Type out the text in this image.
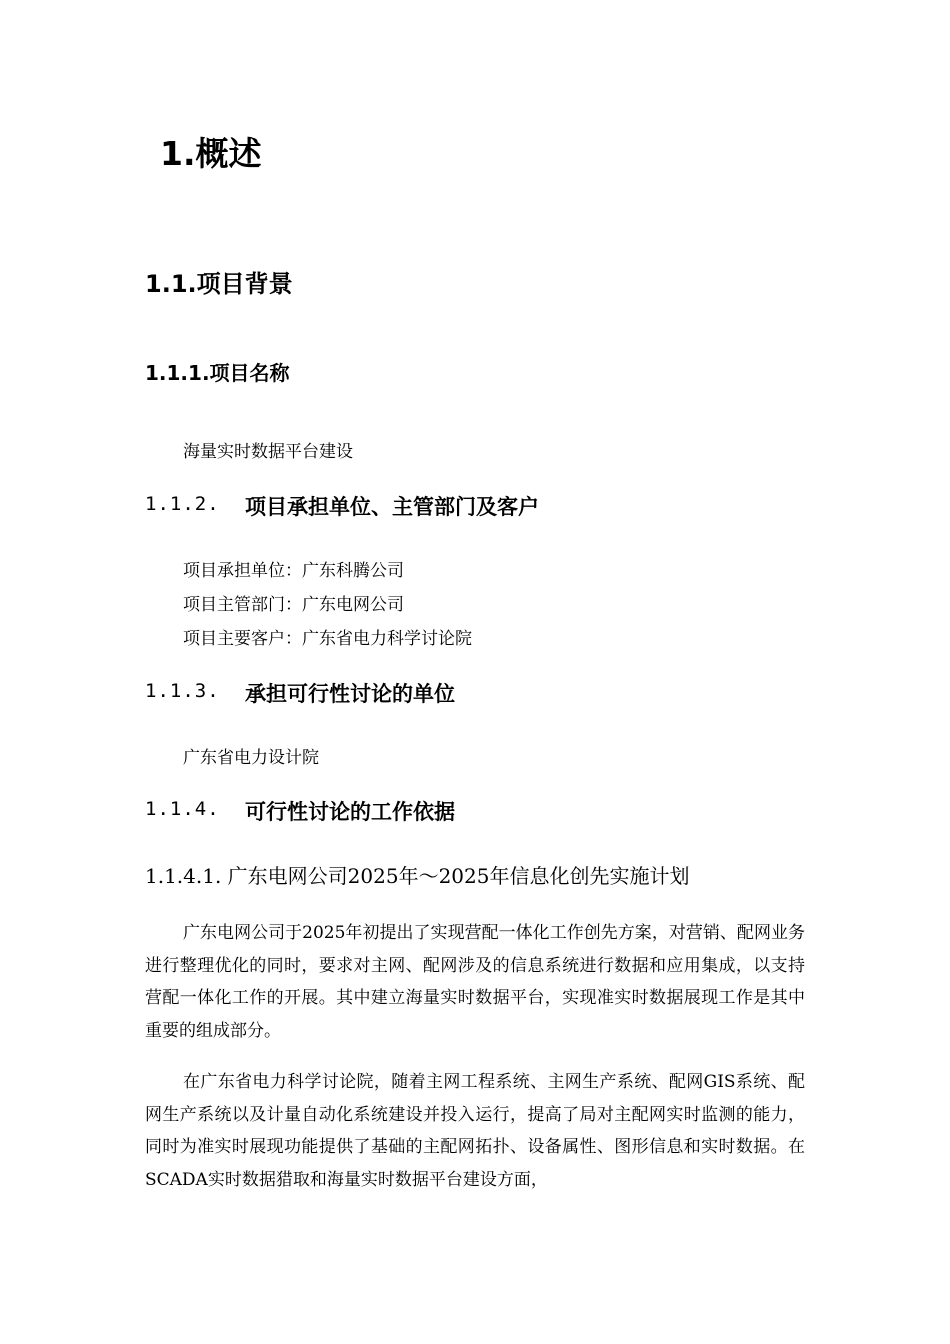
1.概述
1.1.项目背景
1.1.1.项目名称
海量实时数据平台建设
1.1.2. 项目承担单位、主管部门及客户
项目承担单位：广东科腾公司
项目主管部门：广东电网公司
项目主要客户：广东省电力科学讨论院
1.1.3. 承担可行性讨论的单位
广东省电力设计院
1.1.4. 可行性讨论的工作依据
1.1.4.1. 广东电网公司2025年～2025年信息化创先实施计划
广东电网公司于2025年初提出了实现营配一体化工作创先方案，对营销、配网业务进行整理优化的同时，要求对主网、配网涉及的信息系统进行数据和应用集成，以支持营配一体化工作的开展。其中建立海量实时数据平台，实现准实时数据展现工作是其中重要的组成部分。
在广东省电力科学讨论院，随着主网工程系统、主网生产系统、配网GIS系统、配网生产系统以及计量自动化系统建设并投入运行，提高了局对主配网实时监测的能力，同时为准实时展现功能提供了基础的主配网拓扑、设备属性、图形信息和实时数据。在SCADA实时数据猎取和海量实时数据平台建设方面，
